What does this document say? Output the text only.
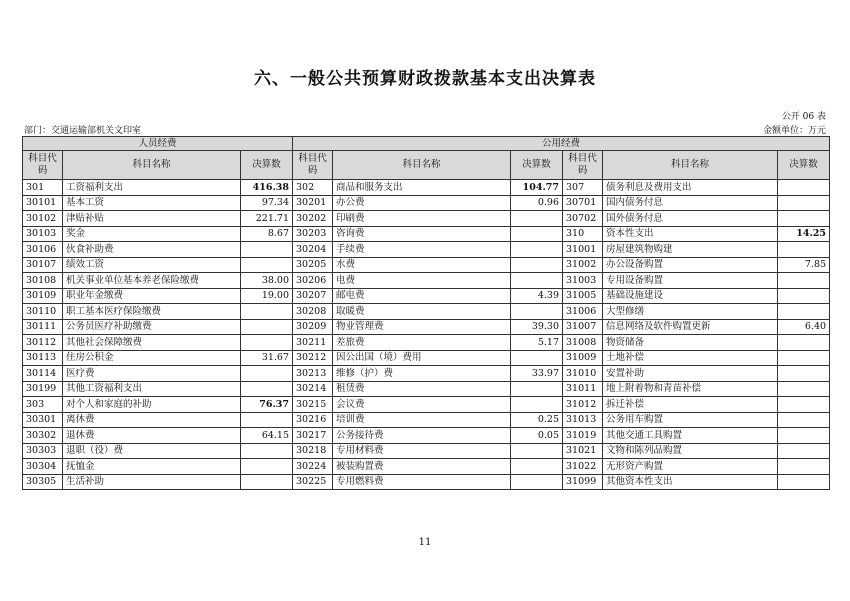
六、一般公共预算财政拨款基本支出决算表
公开 06 表
部门：交通运输部机关文印室	金额单位：万元
人员经费			公用经费					
科目代码	科目名称	决算数	科目代码	科目名称	决算数	科目代码	科目名称	决算数
301	工资福利支出	416.38	302	商品和服务支出	104.77	307	债务利息及费用支出	
30101	基本工资	97.34	30201	办公费	0.96	30701	国内债务付息	
30102	津贴补贴	221.71	30202	印刷费		30702	国外债务付息	
30103	奖金	8.67	30203	咨询费		310	资本性支出	14.25
30106	伙食补助费		30204	手续费		31001	房屋建筑物购建	
30107	绩效工资		30205	水费		31002	办公设备购置	7.85
30108	机关事业单位基本养老保险缴费	38.00	30206	电费		31003	专用设备购置	
30109	职业年金缴费	19.00	30207	邮电费	4.39	31005	基础设施建设	
30110	职工基本医疗保险缴费		30208	取暖费		31006	大型修缮	
30111	公务员医疗补助缴费		30209	物业管理费	39.30	31007	信息网络及软件购置更新	6.40
30112	其他社会保障缴费		30211	差旅费	5.17	31008	物资储备	
30113	住房公积金	31.67	30212	因公出国（境）费用		31009	土地补偿	
30114	医疗费		30213	维修（护）费	33.97	31010	安置补助	
30199	其他工资福利支出		30214	租赁费		31011	地上附着物和青苗补偿	
303	对个人和家庭的补助	76.37	30215	会议费		31012	拆迁补偿	
30301	离休费		30216	培训费	0.25	31013	公务用车购置	
30302	退休费	64.15	30217	公务接待费	0.05	31019	其他交通工具购置	
30303	退职（役）费		30218	专用材料费		31021	文物和陈列品购置	
30304	抚恤金		30224	被装购置费		31022	无形资产购置	
30305	生活补助		30225	专用燃料费		31099	其他资本性支出	
11
